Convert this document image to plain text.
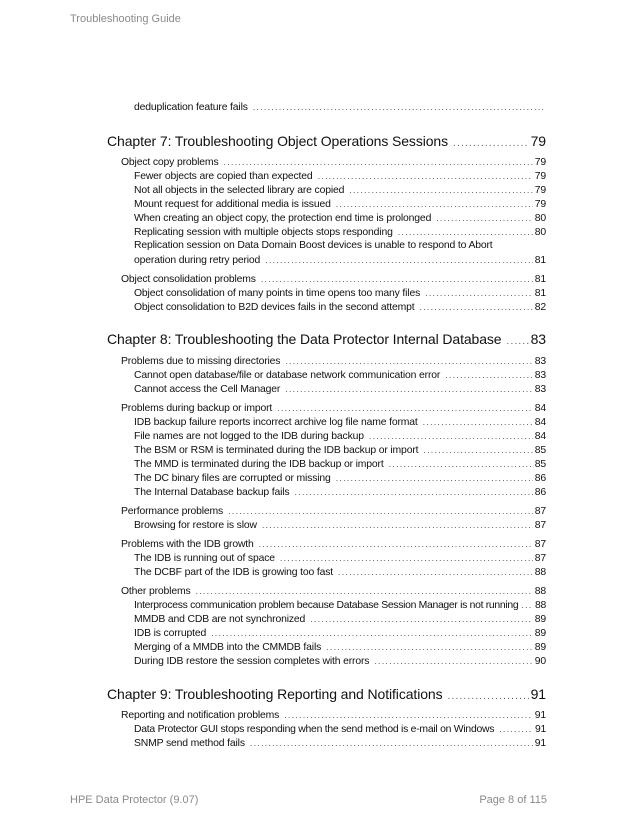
Troubleshooting Guide
deduplication feature fails
.....
Chapter 7: Troubleshooting Object Operations Sessions .....	79
Object copy problems .....	79
Fewer objects are copied than expected .....	79
Not all objects in the selected library are copied .....	79
Mount request for additional media is issued .....	79
When creating an object copy, the protection end time is prolonged .....	80
Replicating session with multiple objects stops responding .....	80
Replication session on Data Domain Boost devices is unable to respond to Abort
operation during retry period .....	81
Object consolidation problems .....	81
Object consolidation of many points in time opens too many files .....	81
Object consolidation to B2D devices fails in the second attempt .....	82
Chapter 8: Troubleshooting the Data Protector Internal Database ..... 83
Problems due to missing directories .....	83
Cannot open database/file or database network communication error .....	83
Cannot access the Cell Manager .....	83
Problems during backup or import .....	84
IDB backup failure reports incorrect archive log file name format .....	84
File names are not logged to the IDB during backup .....	84
The BSM or RSM is terminated during the IDB backup or import .....	85
The MMD is terminated during the IDB backup or import .....	85
The DC binary files are corrupted or missing .....	86
The Internal Database backup fails .....	86
Performance problems .....	87
Browsing for restore is slow .....	87
Problems with the IDB growth .....	87
The IDB is running out of space .....	87
The DCBF part of the IDB is growing too fast .....	88
Other problems .....	88
Interprocess communication problem because Database Session Manager is not running ..... 88
MMDB and CDB are not synchronized .....	89
IDB is corrupted .....	89
Merging of a MMDB into the CMMDB fails .....	89
During IDB restore the session completes with errors .....	90
Chapter 9: Troubleshooting Reporting and Notifications .....	91
Reporting and notification problems .....	91
Data Protector GUI stops responding when the send method is e-mail on Windows .....	91
SNMP send method fails .....	91
HPE Data Protector (9.07)	Page 8 of 115
